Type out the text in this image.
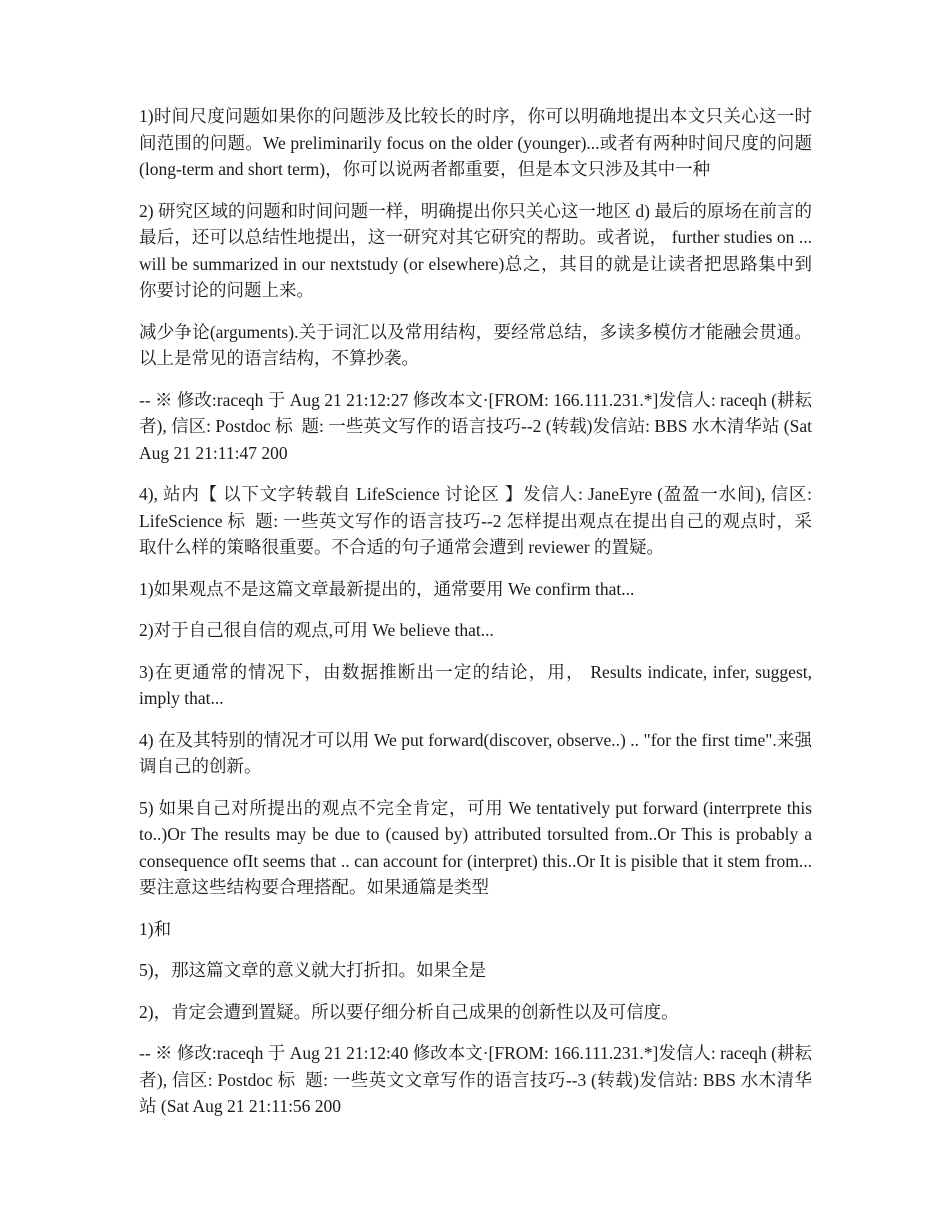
1)时间尺度问题如果你的问题涉及比较长的时序，你可以明确地提出本文只关心这一时间范围的问题。We preliminarily focus on the older (younger)...或者有两种时间尺度的问题(long-term and short term)，你可以说两者都重要，但是本文只涉及其中一种

2) 研究区域的问题和时间问题一样，明确提出你只关心这一地区 d) 最后的原场在前言的最后，还可以总结性地提出，这一研究对其它研究的帮助。或者说， further studies on ... will be summarized in our nextstudy (or elsewhere)总之，其目的就是让读者把思路集中到你要讨论的问题上来。

减少争论(arguments).关于词汇以及常用结构，要经常总结，多读多模仿才能融会贯通。以上是常见的语言结构，不算抄袭。

-- ※ 修改:raceqh 于 Aug 21 21:12:27 修改本文·[FROM: 166.111.231.*]发信人: raceqh (耕耘者), 信区: Postdoc 标  题: 一些英文写作的语言技巧--2 (转载)发信站: BBS 水木清华站 (Sat Aug 21 21:11:47 200

4), 站内【 以下文字转载自 LifeScience 讨论区 】发信人: JaneEyre (盈盈一水间), 信区: LifeScience 标  题: 一些英文写作的语言技巧--2 怎样提出观点在提出自己的观点时，采取什么样的策略很重要。不合适的句子通常会遭到 reviewer 的置疑。

1)如果观点不是这篇文章最新提出的，通常要用 We confirm that...

2)对于自己很自信的观点,可用 We believe that...

3)在更通常的情况下，由数据推断出一定的结论，用， Results indicate, infer, suggest, imply that...

4) 在及其特别的情况才可以用 We put forward(discover, observe..) .. "for the first time".来强调自己的创新。

5) 如果自己对所提出的观点不完全肯定，可用 We tentatively put forward (interrprete this to..)Or The results may be due to (caused by) attributed torsulted from..Or This is probably a consequence ofIt seems that .. can account for (interpret) this..Or It is pisible that it stem from...要注意这些结构要合理搭配。如果通篇是类型

1)和

5)，那这篇文章的意义就大打折扣。如果全是

2)，肯定会遭到置疑。所以要仔细分析自己成果的创新性以及可信度。

-- ※ 修改:raceqh 于 Aug 21 21:12:40 修改本文·[FROM: 166.111.231.*]发信人: raceqh (耕耘者), 信区: Postdoc 标  题: 一些英文文章写作的语言技巧--3 (转载)发信站: BBS 水木清华站 (Sat Aug 21 21:11:56 200
